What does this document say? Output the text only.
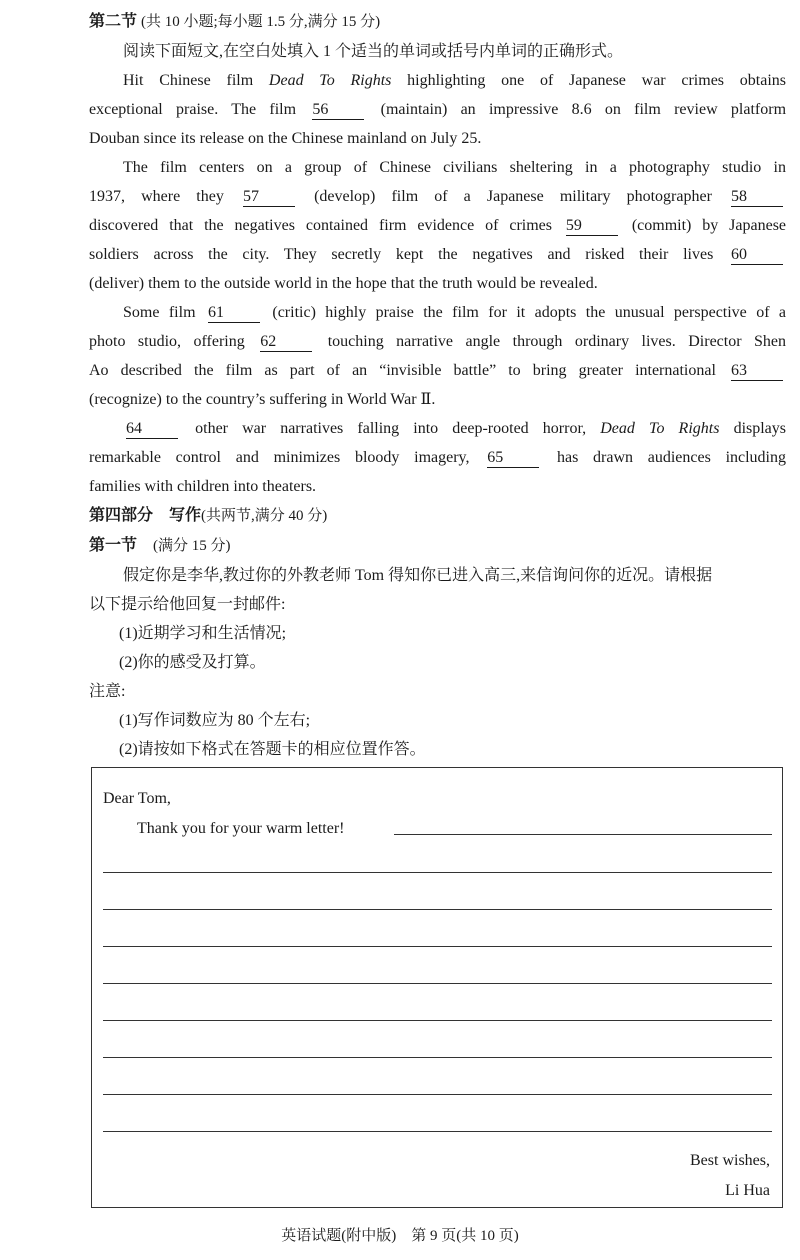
第二节 (共 10 小题;每小题 1.5 分,满分 15 分)
阅读下面短文,在空白处填入 1 个适当的单词或括号内单词的正确形式。
Hit Chinese film Dead To Rights highlighting one of Japanese war crimes obtains
exceptional praise. The film 56	(maintain) an impressive 8.6 on film review platform
Douban since its release on the Chinese mainland on July 25.
The film centers on a group of Chinese civilians sheltering in a photography studio in
1937, where they 57	(develop) film of a Japanese military photographer 58
discovered that the negatives contained firm evidence of crimes 59	(commit) by Japanese
soldiers across the city. They secretly kept the negatives and risked their lives 60
(deliver) them to the outside world in the hope that the truth would be revealed.
Some film 61	(critic) highly praise the film for it adopts the unusual perspective of a
photo studio, offering 62	touching narrative angle through ordinary lives. Director Shen
Ao described the film as part of an “invisible battle” to bring greater international 63
(recognize) to the country’s suffering in World War Ⅱ.
64	other war narratives falling into deep-rooted horror, Dead To Rights displays
remarkable control and minimizes bloody imagery, 65	has drawn audiences including
families with children into theaters.
第四部分　写作(共两节,满分 40 分)
第一节　 (满分 15 分)
假定你是李华,教过你的外教老师 Tom 得知你已进入高三,来信询问你的近况。请根据
以下提示给他回复一封邮件:
(1)近期学习和生活情况;
(2)你的感受及打算。
注意:
(1)写作词数应为 80 个左右;
(2)请按如下格式在答题卡的相应位置作答。
Dear Tom,
Thank you for your warm letter!
Best wishes,
Li Hua
英语试题(附中版)　第 9 页(共 10 页)
